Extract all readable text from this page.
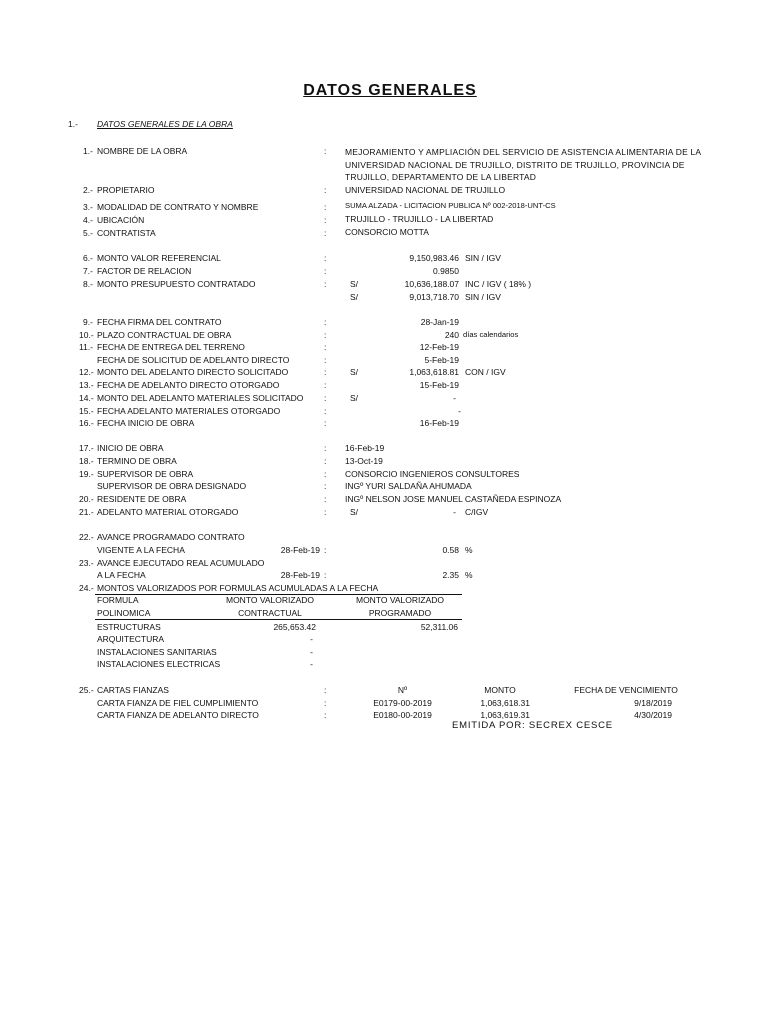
DATOS GENERALES
1.- DATOS GENERALES DE LA OBRA
1.- NOMBRE DE LA OBRA	: MEJORAMIENTO Y AMPLIACIÓN DEL SERVICIO DE ASISTENCIA ALIMENTARIA DE LA UNIVERSIDAD NACIONAL DE TRUJILLO, DISTRITO DE TRUJILLO, PROVINCIA DE TRUJILLO, DEPARTAMENTO DE LA LIBERTAD
2.- PROPIETARIO	: UNIVERSIDAD NACIONAL DE TRUJILLO
3.- MODALIDAD DE CONTRATO Y NOMBRE	: SUMA ALZADA - LICITACION PUBLICA Nº 002-2018-UNT-CS
4.- UBICACIÓN	: TRUJILLO - TRUJILLO - LA LIBERTAD
5.- CONTRATISTA	: CONSORCIO MOTTA
6.- MONTO VALOR REFERENCIAL	:	9,150,983.46 SIN / IGV
7.- FACTOR DE RELACION	:	0.9850
8.- MONTO PRESUPUESTO CONTRATADO	:	S/	10,636,188.07 INC / IGV ( 18% )
S/	9,013,718.70 SIN / IGV
9.- FECHA FIRMA DEL CONTRATO	:	28-Jan-19
10.- PLAZO CONTRACTUAL DE OBRA	:	240 días calendarios
11.- FECHA DE ENTREGA DEL TERRENO	:	12-Feb-19
FECHA DE SOLICITUD DE ADELANTO DIRECTO	:	5-Feb-19
12.- MONTO DEL ADELANTO DIRECTO SOLICITADO	:	S/	1,063,618.81 CON / IGV
13.- FECHA DE ADELANTO DIRECTO OTORGADO	:	15-Feb-19
14.- MONTO DEL ADELANTO MATERIALES SOLICITADO :	S/	-
15.- FECHA ADELANTO MATERIALES OTORGADO	:	-
16.- FECHA INICIO DE OBRA	:	16-Feb-19
17.- INICIO DE OBRA	: 16-Feb-19
18.- TERMINO DE OBRA	: 13-Oct-19
19.- SUPERVISOR DE OBRA	: CONSORCIO INGENIEROS CONSULTORES
SUPERVISOR DE OBRA DESIGNADO	: INGº YURI SALDAÑA AHUMADA
20.- RESIDENTE DE OBRA	: INGº NELSON JOSE MANUEL CASTAÑEDA ESPINOZA
21.- ADELANTO MATERIAL OTORGADO	:	S/	- C/IGV
22.- AVANCE PROGRAMADO CONTRATO
VIGENTE A LA FECHA	28-Feb-19 :	0.58 %
23.- AVANCE EJECUTADO REAL ACUMULADO
A LA FECHA	28-Feb-19 :	2.35 %
24.- MONTOS VALORIZADOS POR FORMULAS ACUMULADAS A LA FECHA
FORMULA	MONTO VALORIZADO	MONTO VALORIZADO
POLINOMICA	CONTRACTUAL	PROGRAMADO
ESTRUCTURAS	265,653.42	52,311.06
ARQUITECTURA	-
INSTALACIONES SANITARIAS	-
INSTALACIONES ELECTRICAS	-
25.- CARTAS FIANZAS	:	Nº	MONTO	FECHA DE VENCIMIENTO
CARTA FIANZA DE FIEL CUMPLIMIENTO	:	E0179-00-2019	1,063,618.31	9/18/2019
CARTA FIANZA DE ADELANTO DIRECTO	:	E0180-00-2019	1,063,619.31	4/30/2019
EMITIDA POR: SECREX CESCE
